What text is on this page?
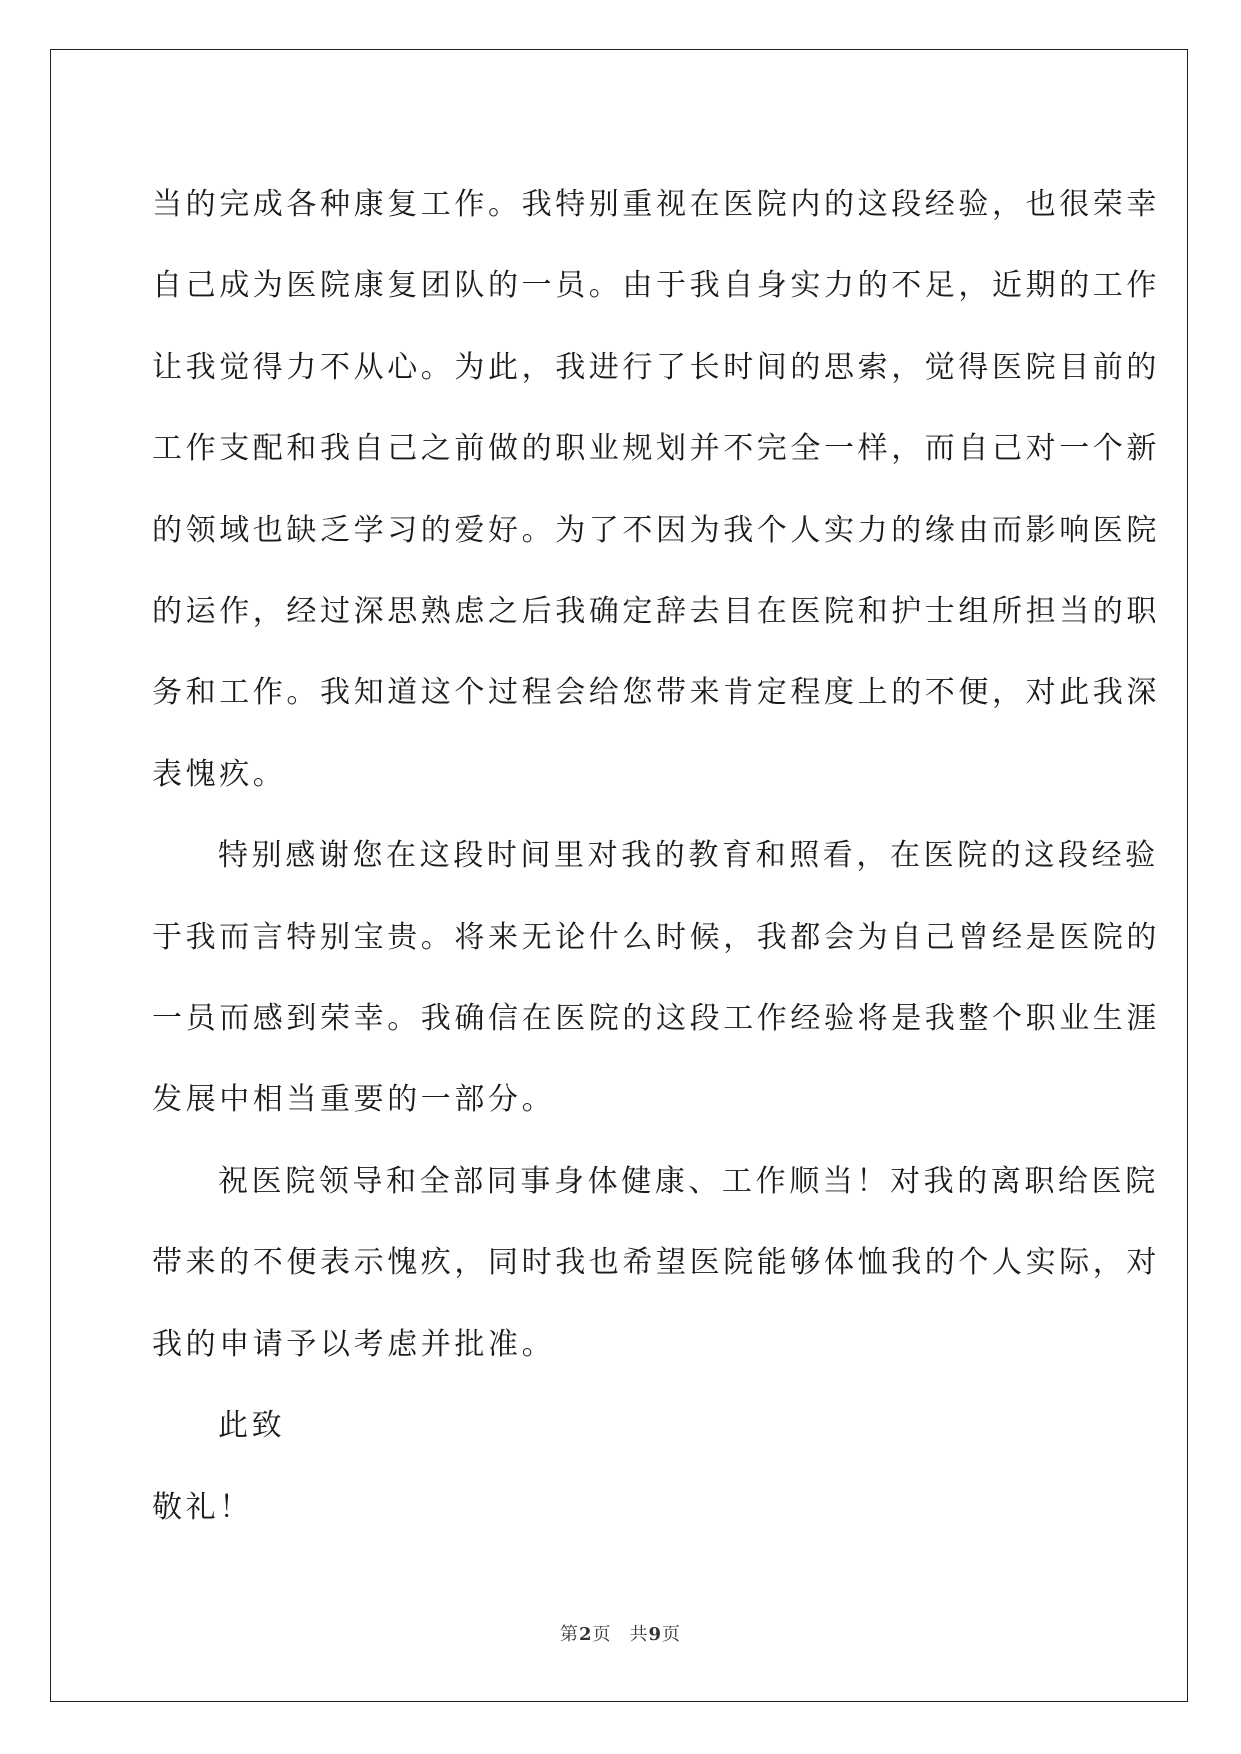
当的完成各种康复工作。我特别重视在医院内的这段经验，也很荣幸

自己成为医院康复团队的一员。由于我自身实力的不足，近期的工作

让我觉得力不从心。为此，我进行了长时间的思索，觉得医院目前的

工作支配和我自己之前做的职业规划并不完全一样，而自己对一个新

的领域也缺乏学习的爱好。为了不因为我个人实力的缘由而影响医院

的运作，经过深思熟虑之后我确定辞去目在医院和护士组所担当的职

务和工作。我知道这个过程会给您带来肯定程度上的不便，对此我深

表愧疚。

特别感谢您在这段时间里对我的教育和照看，在医院的这段经验

于我而言特别宝贵。将来无论什么时候，我都会为自己曾经是医院的

一员而感到荣幸。我确信在医院的这段工作经验将是我整个职业生涯

发展中相当重要的一部分。

祝医院领导和全部同事身体健康、工作顺当！对我的离职给医院

带来的不便表示愧疚，同时我也希望医院能够体恤我的个人实际，对

我的申请予以考虑并批准。

此致

敬礼！

第2页 共9页
